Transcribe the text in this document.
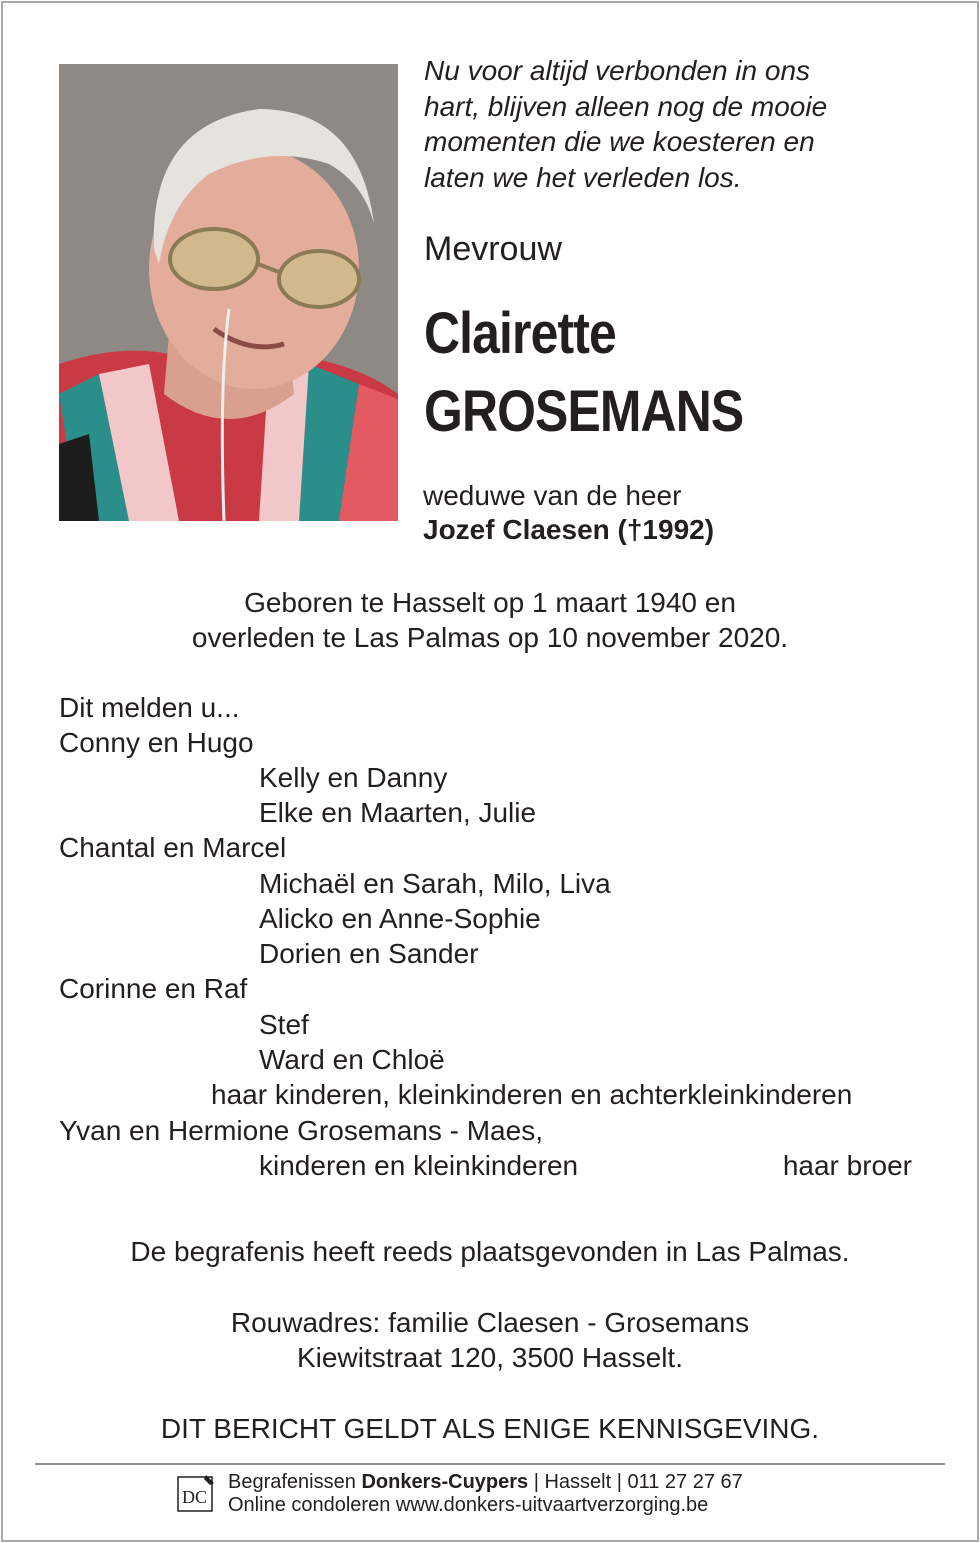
Nu voor altijd verbonden in ons
hart, blijven alleen nog de mooie
momenten die we koesteren en
laten we het verleden los.
Mevrouw
Clairette
GROSEMANS
weduwe van de heer
Jozef Claesen (†1992)
Geboren te Hasselt op 1 maart 1940 en
overleden te Las Palmas op 10 november 2020.
Dit melden u...
Conny en Hugo
Kelly en Danny
Elke en Maarten, Julie
Chantal en Marcel
Michaël en Sarah, Milo, Liva
Alicko en Anne-Sophie
Dorien en Sander
Corinne en Raf
Stef
Ward en Chloë
haar kinderen, kleinkinderen en achterkleinkinderen
Yvan en Hermione Grosemans - Maes,
kinderen en kleinkinderen	haar broer
De begrafenis heeft reeds plaatsgevonden in Las Palmas.
Rouwadres: familie Claesen - Grosemans
Kiewitstraat 120, 3500 Hasselt.
DIT BERICHT GELDT ALS ENIGE KENNISGEVING.
DC
Begrafenissen Donkers-Cuypers | Hasselt | 011 27 27 67
Online condoleren www.donkers-uitvaartverzorging.be
